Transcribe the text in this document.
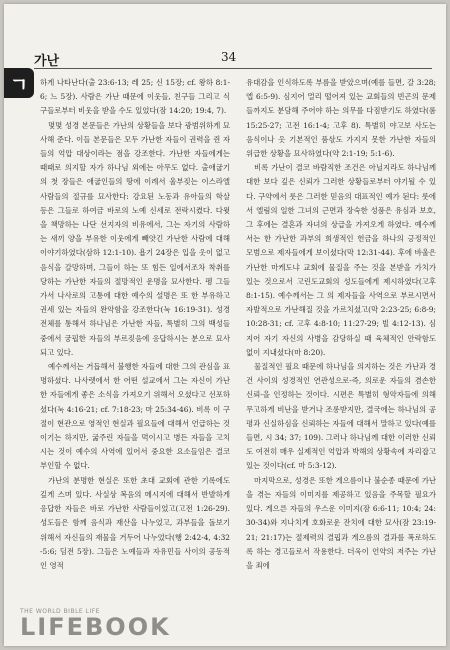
ㄱ
가난	34

하게 나타난다(출 23:6-13; 레 25; 신 15장; cf. 왕하 8:1-6; 느 5장). 사람은 가난 때문에 이웃들, 친구들 그리고 식구들로부터 비웃을 받을 수도 있었다(잠 14:20; 19:4, 7).

몇몇 성경 본문들은 가난의 상황들을 보다 광범위하게 묘사해 준다. 이들 본문들은 모두 가난한 자들이 권력을 쥔 자들의 억압 대상이라는 점을 강조한다. 가난한 자들에게는 때때로 의지할 자가 하나님 외에는 아무도 없다. 출애굽기의 첫 장들은 애굽인들의 땅에 이례서 울부짖는 이스라엘 사람들의 절규를 묘사한다: 강요된 노동과 유아들의 학살 등은 그들로 하여금 바로의 노예 신세로 전락시켰다. 다윗을 책망하는 나단 선지자의 비유에서, 그는 자기의 사람하는 새끼 양을 부유한 이웃에게 빼앗긴 가난한 사람에 대해 이야기하였다(삼하 12:1-10). 욥기 24장은 입을 옷이 없고 음식을 갈망하며, 그들이 하는 또 힘든 일에서조차 착취를 당하는 가난한 자들의 절망적인 운명을 묘사한다. 펭 그들 가서 나사로의 고통에 대한 예수의 설명은 또 한 부유하고 권세 있는 자들의 완악함을 강조한다(눅 16:19-31). 성경 전체를 통해서 하나님은 가난한 자들, 특별히 그의 백성들 중에서 궁핍한 자들의 부르짖음에 응답하시는 분으로 묘사되고 있다.

예수께서는 거듭해서 불행한 자들에 대한 그의 관심을 표명하셨다. 나사렛에서 한 어떤 설교에서 그는 자신이 가난한 자들에게 좋은 소식을 가져오기 위해서 오셨다고 선포하셨다(눅 4:16-21; cf. 7:18-23; 마 25:34-46). 비록 이 구절이 현관으로 영적인 현실과 필요들에 대해서 언급하는 것이기는 하지만, 굶주린 자들을 먹이시고 병든 자들을 고치시는 것이 예수의 사역에 있어서 중요한 요소들임은 결코 부인할 수 없다.

가난의 분명한 현실은 또한 초대 교회에 관한 기록에도 깊게 스며 있다. 사실상 복음의 메시지에 대해서 반발하게 응답한 자들은 바로 가난한 사람들이었고(고전 1:26-29). 성도들은 함께 음식과 재산을 나누었고, 과부들을 돌보기 위해서 자신들의 재물을 거두어 나누었다(행 2:42-4, 4:32-5:6; 딤전 5장). 그들은 노예들과 자유민들 사이의 공동적인 영적

유대감을 인식하도록 부름을 받았으며(예를 들면, 갈 3:28; 엡 6:5-9). 심지어 멀리 떨어져 있는 교회들의 빈곤의 문제들까지도 분담해 주어야 하는 의무를 다짐받기도 하였다(롬 15:25-27; 고전 16:1-4; 고후 8). 특별히 야고보 사도는 음식이나 옷 기본적인 품삯도 가지지 못한 가난한 자들의 위급한 상황을 묘사하였다(약 2:1-19; 5:1-6).

비록 가난이 결코 바람직한 조건은 아닐지라도 하나님께 대한 보다 깊은 신뢰가 그러한 상황들로부터 야기될 수 있다. 구약에서 룻은 그러한 믿음의 대표적인 예가 된다: 룻에서 엘림의 일한 그녀의 근면과 장숙한 성품은 유심과 보호, 그 후에는 결혼과 자녀의 상급을 가져오게 하였다. 예수께서는 한 가난한 과부의 희생적인 헌금을 하나의 긍정적인 모범으로 제자들에게 보이셨다(막 12:31-44). 후에 바울은 가난한 마케도냐 교회에 물질을 주는 것을 본받을 가치가 있는 것으로서 고린도교회의 성도들에게 제시하였다(고후 8:1-15). 예수께서는 그 의 제자들을 사역으로 부르시면서 자발적으로 가난해질 것을 가르치셨고(막 2:23-25; 6:8-9; 10:28-31; cf. 고후 4:8-10; 11:27-29; 빌 4:12-13). 심지어 자기 자신의 사병을 감당하실 때 육체적인 안락함도 없이 지내셨다(마 8:20).

물질적인 필요 때문에 하나님을 의지하는 것은 가난과 경건 사이의 성경적인 연관성으로-즉, 의로운 자들의 겸손한 신뢰-을 인정하는 것이다. 시편은 특별히 형악자들에 의해 무고하게 비난을 받거나 조롱받지만, 결국에는 하나님의 공평과 신실하심을 신뢰하는 자들에 대해서 말하고 있다(예를 들면, 시 34; 37; 109). 그러나 하나님께 대한 이러한 신뢰도 여전히 매우 실제적인 억압과 박해의 상황속에 자리잡고 있는 것이다(cf. 마 5:3-12).

마지막으로, 성경은 또한 게으름이나 불순종 때문에 가난을 겪는 자들의 이미지를 제공하고 있음을 주목할 필요가 있다. 게으른 자들의 우스운 이미지(잠 6:6-11; 10:4; 24:30-34)와 지나치게 호화로운 잔치에 대한 묘사(잠 23:19-21; 21:17)는 절제력의 결핍과 게으름의 결과를 폭로하도록 하는 경고들로서 작용한다. 더욱이 언약의 저주는 가난을 죄에

THE WORLD BIBLE LIFE
LIFEBOOK
